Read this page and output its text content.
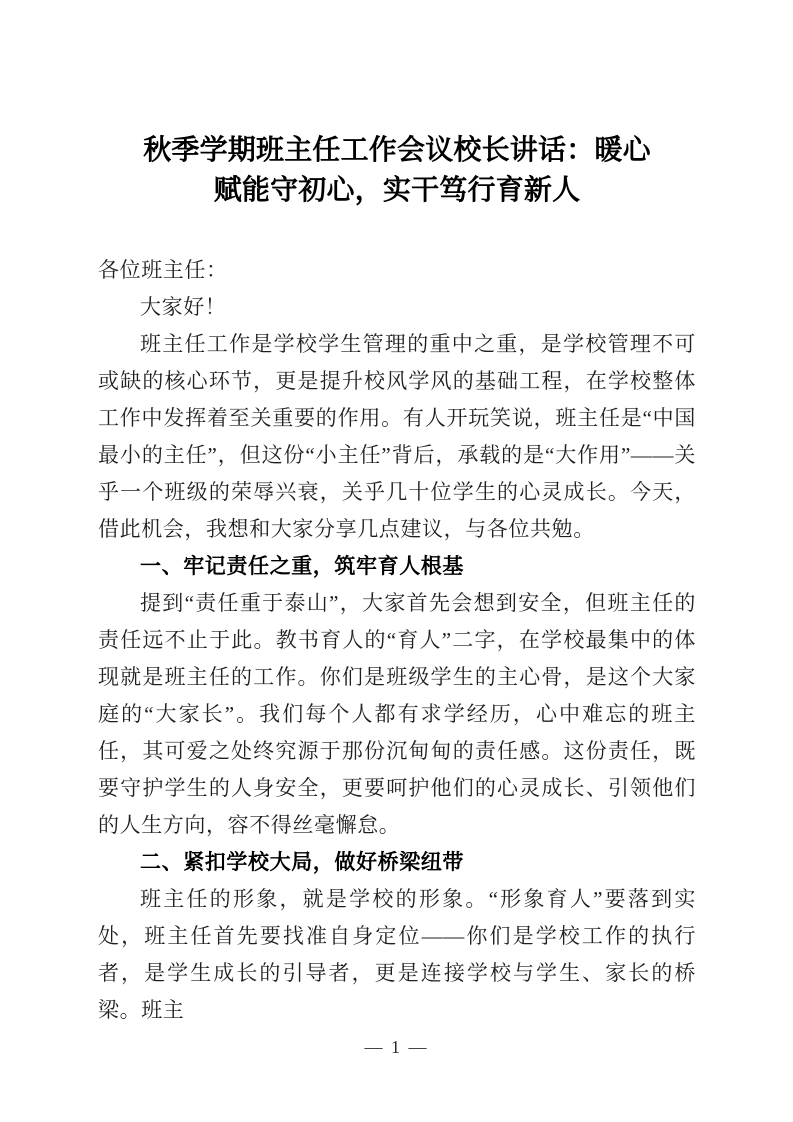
秋季学期班主任工作会议校长讲话：暖心
赋能守初心，实干笃行育新人

各位班主任：

大家好！

班主任工作是学校学生管理的重中之重，是学校管理不可或缺的核心环节，更是提升校风学风的基础工程，在学校整体工作中发挥着至关重要的作用。有人开玩笑说，班主任是“中国最小的主任”，但这份“小主任”背后，承载的是“大作用”——关乎一个班级的荣辱兴衰，关乎几十位学生的心灵成长。今天，借此机会，我想和大家分享几点建议，与各位共勉。

一、牢记责任之重，筑牢育人根基

提到“责任重于泰山”，大家首先会想到安全，但班主任的责任远不止于此。教书育人的“育人”二字，在学校最集中的体现就是班主任的工作。你们是班级学生的主心骨，是这个大家庭的“大家长”。我们每个人都有求学经历，心中难忘的班主任，其可爱之处终究源于那份沉甸甸的责任感。这份责任，既要守护学生的人身安全，更要呵护他们的心灵成长、引领他们的人生方向，容不得丝毫懈怠。

二、紧扣学校大局，做好桥梁纽带

班主任的形象，就是学校的形象。“形象育人”要落到实处，班主任首先要找准自身定位——你们是学校工作的执行者，是学生成长的引导者，更是连接学校与学生、家长的桥梁。班主

— 1 —
